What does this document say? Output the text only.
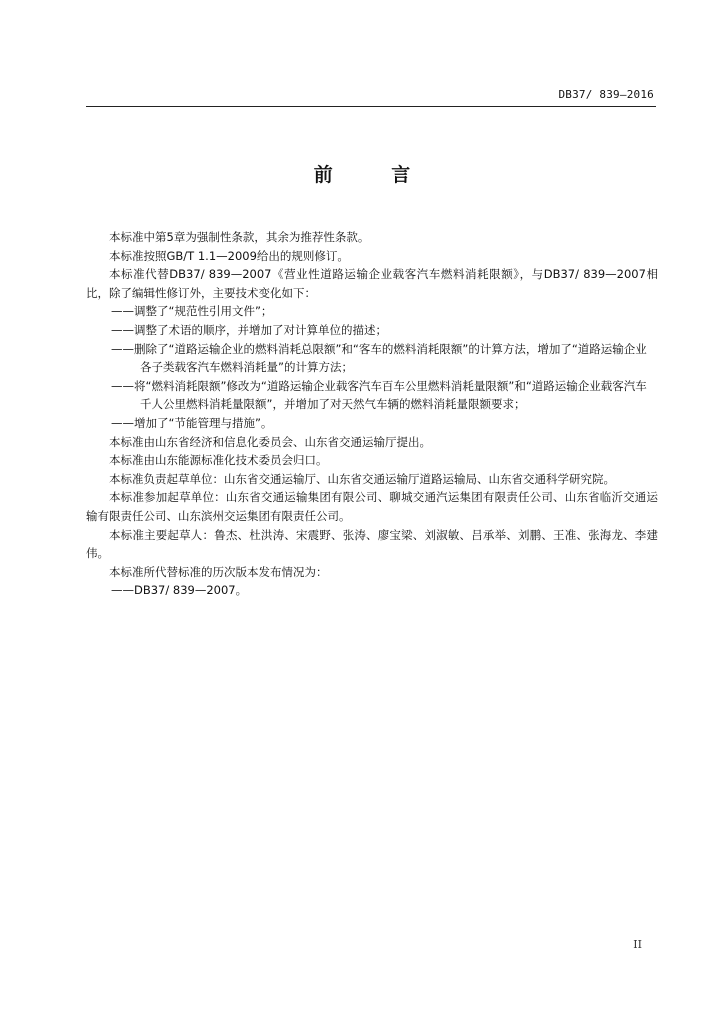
DB37/ 839—2016
前 言

本标准中第5章为强制性条款，其余为推荐性条款。

本标准按照GB/T 1.1—2009给出的规则修订。

本标准代替DB37/ 839—2007《营业性道路运输企业载客汽车燃料消耗限额》，与DB37/ 839—2007相比，除了编辑性修订外，主要技术变化如下：

——调整了“规范性引用文件”；

——调整了术语的顺序，并增加了对计算单位的描述；

——删除了“道路运输企业的燃料消耗总限额”和“客车的燃料消耗限额”的计算方法，增加了“道路运输企业各子类载客汽车燃料消耗量”的计算方法；

——将“燃料消耗限额”修改为“道路运输企业载客汽车百车公里燃料消耗量限额”和“道路运输企业载客汽车千人公里燃料消耗量限额”，并增加了对天然气车辆的燃料消耗量限额要求；

——增加了“节能管理与措施”。

本标准由山东省经济和信息化委员会、山东省交通运输厅提出。

本标准由山东能源标准化技术委员会归口。

本标准负责起草单位：山东省交通运输厅、山东省交通运输厅道路运输局、山东省交通科学研究院。

本标准参加起草单位：山东省交通运输集团有限公司、聊城交通汽运集团有限责任公司、山东省临沂交通运输有限责任公司、山东滨州交运集团有限责任公司。

本标准主要起草人：鲁杰、杜洪涛、宋震野、张涛、廖宝梁、刘淑敏、吕承举、刘鹏、王准、张海龙、李建伟。

本标准所代替标准的历次版本发布情况为：

——DB37/ 839—2007。

II
